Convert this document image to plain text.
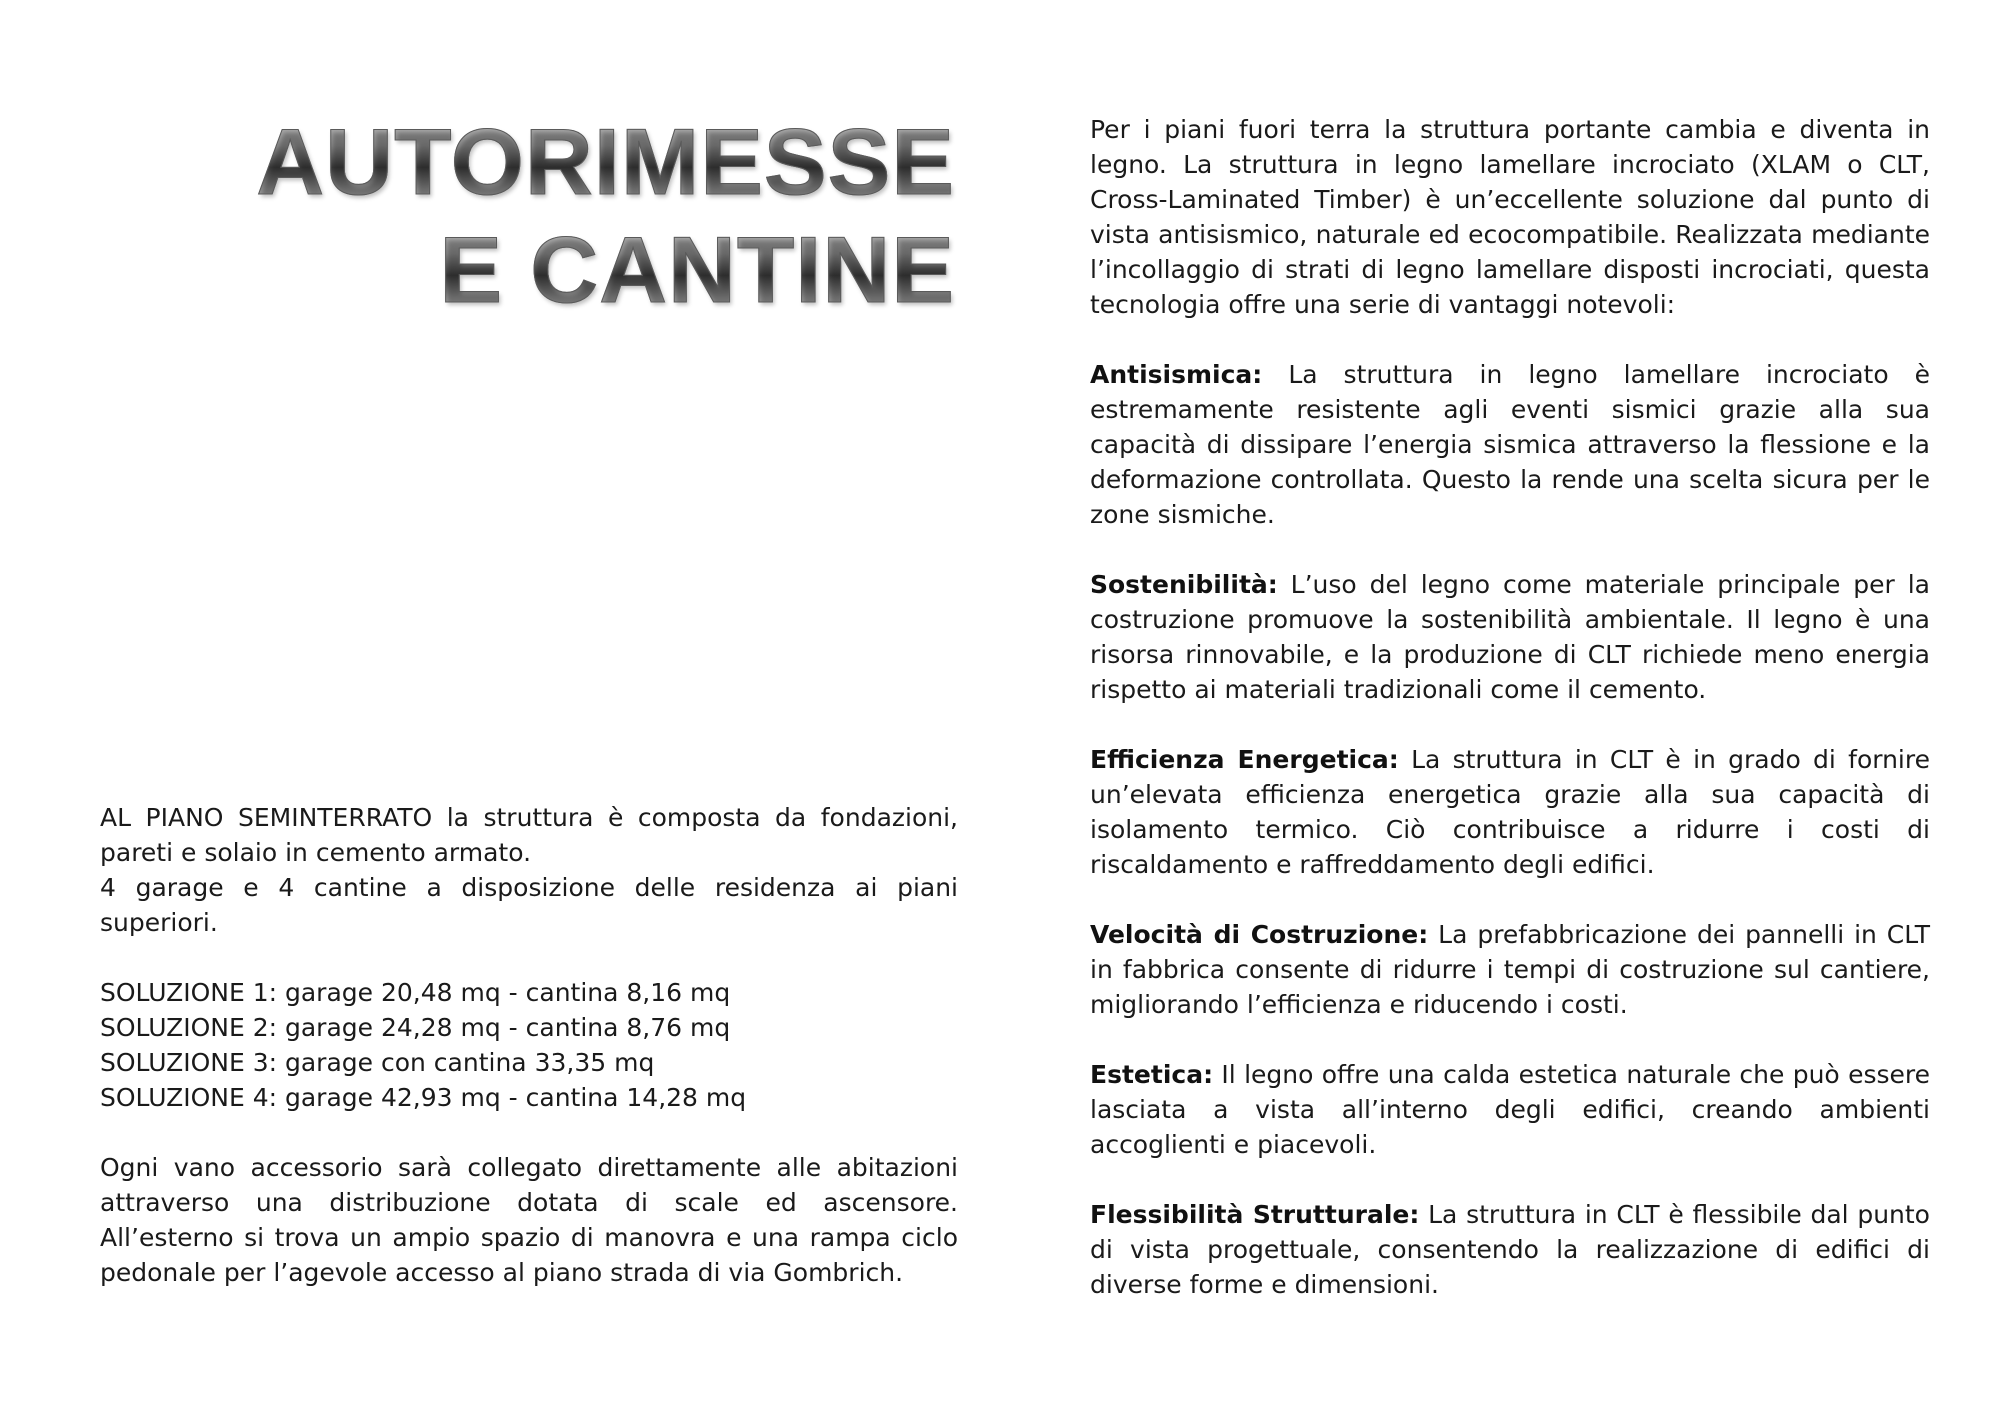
AUTORIMESSE
E CANTINE

AL PIANO SEMINTERRATO la struttura è composta da fondazioni, pareti e solaio in cemento armato.

4 garage e 4 cantine a disposizione delle residenza ai piani superiori.

SOLUZIONE 1: garage 20,48 mq - cantina 8,16 mq

SOLUZIONE 2: garage 24,28 mq - cantina 8,76 mq

SOLUZIONE 3: garage con cantina 33,35 mq

SOLUZIONE 4: garage 42,93 mq - cantina 14,28 mq

Ogni vano accessorio sarà collegato direttamente alle abitazioni attraverso una distribuzione dotata di scale ed ascensore. All’esterno si trova un ampio spazio di manovra e una rampa ciclo pedonale per l’agevole accesso al piano strada di via Gombrich.

Per i piani fuori terra la struttura portante cambia e diventa in legno. La struttura in legno lamellare incrociato (XLAM o CLT, Cross-Laminated Timber) è un’eccellente soluzione dal punto di vista antisismico, naturale ed ecocompatibile. Realizzata mediante l’incollaggio di strati di legno lamellare disposti incrociati, questa tecnologia offre una serie di vantaggi notevoli:

Antisismica: La struttura in legno lamellare incrociato è estremamente resistente agli eventi sismici grazie alla sua capacità di dissipare l’energia sismica attraverso la flessione e la deformazione controllata. Questo la rende una scelta sicura per le zone sismiche.

Sostenibilità: L’uso del legno come materiale principale per la costruzione promuove la sostenibilità ambientale. Il legno è una risorsa rinnovabile, e la produzione di CLT richiede meno energia rispetto ai materiali tradizionali come il cemento.

Efficienza Energetica: La struttura in CLT è in grado di fornire un’elevata efficienza energetica grazie alla sua capacità di isolamento termico. Ciò contribuisce a ridurre i costi di riscaldamento e raffreddamento degli edifici.

Velocità di Costruzione: La prefabbricazione dei pannelli in CLT in fabbrica consente di ridurre i tempi di costruzione sul cantiere, migliorando l’efficienza e riducendo i costi.

Estetica: Il legno offre una calda estetica naturale che può essere lasciata a vista all’interno degli edifici, creando ambienti accoglienti e piacevoli.

Flessibilità Strutturale: La struttura in CLT è flessibile dal punto di vista progettuale, consentendo la realizzazione di edifici di diverse forme e dimensioni.
